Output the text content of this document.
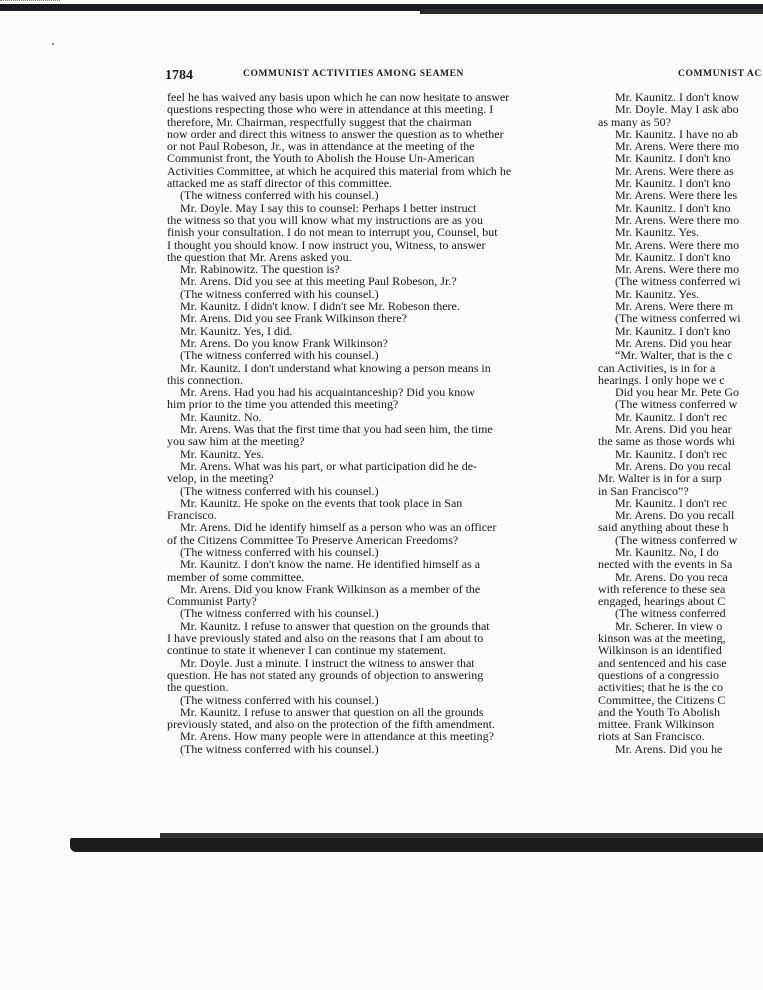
1784	COMMUNIST ACTIVITIES AMONG SEAMEN	COMMUNIST AC
feel he has waived any basis upon which he can now hesitate to answer
questions respecting those who were in attendance at this meeting. I
therefore, Mr. Chairman, respectfully suggest that the chairman
now order and direct this witness to answer the question as to whether
or not Paul Robeson, Jr., was in attendance at the meeting of the
Communist front, the Youth to Abolish the House Un-American
Activities Committee, at which he acquired this material from which he
attacked me as staff director of this committee.
(The witness conferred with his counsel.)
Mr. Doyle. May I say this to counsel: Perhaps I better instruct
the witness so that you will know what my instructions are as you
finish your consultation. I do not mean to interrupt you, Counsel, but
I thought you should know. I now instruct you, Witness, to answer
the question that Mr. Arens asked you.
Mr. Rabinowitz. The question is?
Mr. Arens. Did you see at this meeting Paul Robeson, Jr.?
(The witness conferred with his counsel.)
Mr. Kaunitz. I didn't know. I didn't see Mr. Robeson there.
Mr. Arens. Did you see Frank Wilkinson there?
Mr. Kaunitz. Yes, I did.
Mr. Arens. Do you know Frank Wilkinson?
(The witness conferred with his counsel.)
Mr. Kaunitz. I don't understand what knowing a person means in
this connection.
Mr. Arens. Had you had his acquaintanceship? Did you know
him prior to the time you attended this meeting?
Mr. Kaunitz. No.
Mr. Arens. Was that the first time that you had seen him, the time
you saw him at the meeting?
Mr. Kaunitz. Yes.
Mr. Arens. What was his part, or what participation did he de-
velop, in the meeting?
(The witness conferred with his counsel.)
Mr. Kaunitz. He spoke on the events that took place in San
Francisco.
Mr. Arens. Did he identify himself as a person who was an officer
of the Citizens Committee To Preserve American Freedoms?
(The witness conferred with his counsel.)
Mr. Kaunitz. I don't know the name. He identified himself as a
member of some committee.
Mr. Arens. Did you know Frank Wilkinson as a member of the
Communist Party?
(The witness conferred with his counsel.)
Mr. Kaunitz. I refuse to answer that question on the grounds that
I have previously stated and also on the reasons that I am about to
continue to state it whenever I can continue my statement.
Mr. Doyle. Just a minute. I instruct the witness to answer that
question. He has not stated any grounds of objection to answering
the question.
(The witness conferred with his counsel.)
Mr. Kaunitz. I refuse to answer that question on all the grounds
previously stated, and also on the protection of the fifth amendment.
Mr. Arens. How many people were in attendance at this meeting?
(The witness conferred with his counsel.)
Mr. Kaunitz. I don't know
Mr. Doyle. May I ask abo
as many as 50?
Mr. Kaunitz. I have no ab
Mr. Arens. Were there mo
Mr. Kaunitz. I don't kno
Mr. Arens. Were there as
Mr. Kaunitz. I don't kno
Mr. Arens. Were there les
Mr. Kaunitz. I don't kno
Mr. Arens. Were there mo
Mr. Kaunitz. Yes.
Mr. Arens. Were there mo
Mr. Kaunitz. I don't kno
Mr. Arens. Were there mo
(The witness conferred wi
Mr. Kaunitz. Yes.
Mr. Arens. Were there m
(The witness conferred wi
Mr. Kaunitz. I don't kno
Mr. Arens. Did you hear
“Mr. Walter, that is the c
can Activities, is in for a
hearings. I only hope we c
Did you hear Mr. Pete Go
(The witness conferred w
Mr. Kaunitz. I don't rec
Mr. Arens. Did you hear
the same as those words whi
Mr. Kaunitz. I don't rec
Mr. Arens. Do you recal
Mr. Walter is in for a surp
in San Francisco”?
Mr. Kaunitz. I don't rec
Mr. Arens. Do you recall
said anything about these h
(The witness conferred w
Mr. Kaunitz. No, I do
nected with the events in Sa
Mr. Arens. Do you reca
with reference to these sea
engaged, hearings about C
(The witness conferred
Mr. Scherer. In view o
kinson was at the meeting,
Wilkinson is an identified
and sentenced and his case
questions of a congressio
activities; that he is the co
Committee, the Citizens C
and the Youth To Abolish
mittee. Frank Wilkinson
riots at San Francisco.
Mr. Arens. Did you he
